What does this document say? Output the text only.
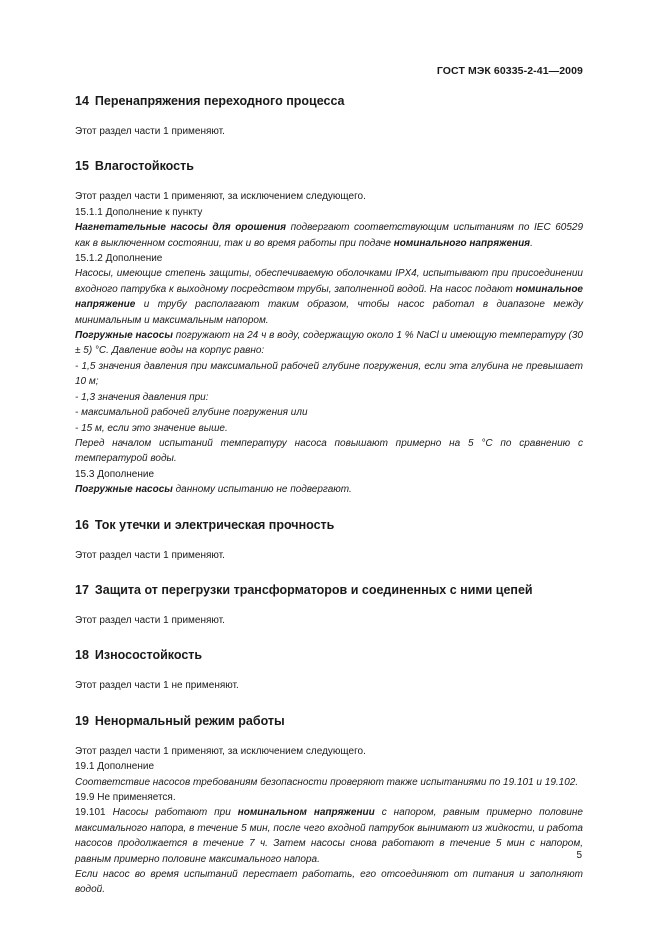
ГОСТ МЭК 60335-2-41—2009
14 Перенапряжения переходного процесса

Этот раздел части 1 применяют.

15 Влагостойкость

Этот раздел части 1 применяют, за исключением следующего.

15.1.1 Дополнение к пункту

Нагнетательные насосы для орошения подвергают соответствующим испытаниям по IEC 60529 как в выключенном состоянии, так и во время работы при подаче номинального напряжения.

15.1.2 Дополнение

Насосы, имеющие степень защиты, обеспечиваемую оболочками IPX4, испытывают при присоединении входного патрубка к выходному посредством трубы, заполненной водой. На насос подают номинальное напряжение и трубу располагают таким образом, чтобы насос работал в диапазоне между минимальным и максимальным напором.

Погружные насосы погружают на 24 ч в воду, содержащую около 1 % NaCl и имеющую температуру (30 ± 5) °С. Давление воды на корпус равно:

- 1,5 значения давления при максимальной рабочей глубине погружения, если эта глубина не превышает 10 м;

- 1,3 значения давления при:

- максимальной рабочей глубине погружения или

- 15 м, если это значение выше.

Перед началом испытаний температуру насоса повышают примерно на 5 °С по сравнению с температурой воды.

15.3 Дополнение

Погружные насосы данному испытанию не подвергают.

16 Ток утечки и электрическая прочность

Этот раздел части 1 применяют.

17 Защита от перегрузки трансформаторов и соединенных с ними цепей

Этот раздел части 1 применяют.

18 Износостойкость

Этот раздел части 1 не применяют.

19 Ненормальный режим работы

Этот раздел части 1 применяют, за исключением следующего.

19.1 Дополнение

Соответствие насосов требованиям безопасности проверяют также испытаниями по 19.101 и 19.102.

19.9 Не применяется.

19.101 Насосы работают при номинальном напряжении с напором, равным примерно половине максимального напора, в течение 5 мин, после чего входной патрубок вынимают из жидкости, и работа насосов продолжается в течение 7 ч. Затем насосы снова работают в течение 5 мин с напором, равным примерно половине максимального напора.

Если насос во время испытаний перестает работать, его отсоединяют от питания и заполняют водой.

5
